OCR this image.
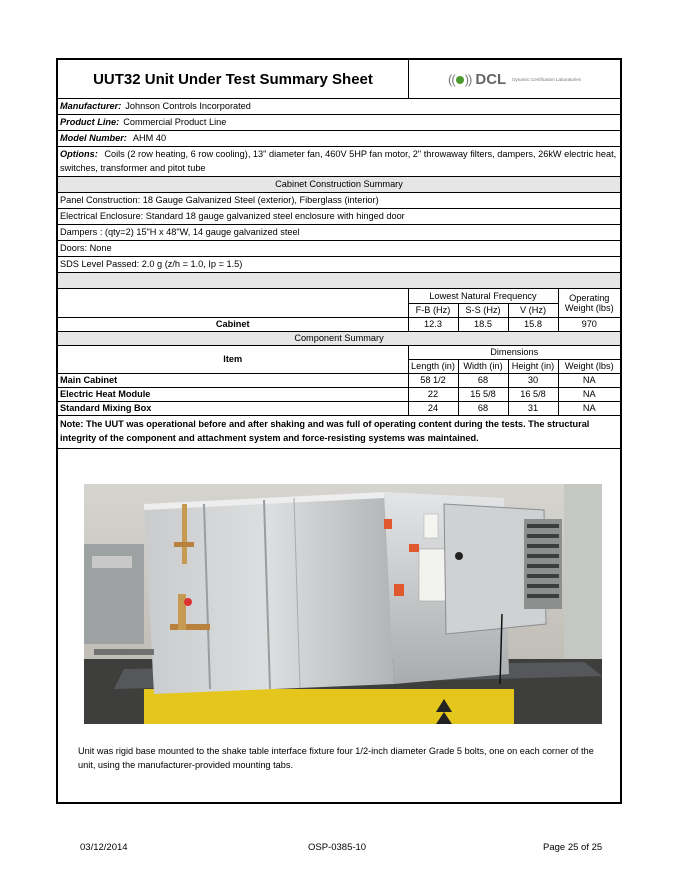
UUT32 Unit Under Test Summary Sheet	(( )) DCL Dynamic Certification Laboratories
Manufacturer: Johnson Controls Incorporated
Product Line: Commercial Product Line
Model Number: AHM 40
Options: Coils (2 row heating, 6 row cooling), 13" diameter fan, 460V 5HP fan motor, 2" throwaway filters, dampers, 26kW electric heat, switches, transformer and pitot tube
Cabinet Construction Summary
Panel Construction: 18 Gauge Galvanized Steel (exterior), Fiberglass (interior)
Electrical Enclosure: Standard 18 gauge galvanized steel enclosure with hinged door
Dampers : (qty=2) 15"H x 48"W, 14 gauge galvanized steel
Doors: None
SDS Level Passed: 2.0 g (z/h = 1.0, Ip = 1.5)
	Lowest Natural Frequency			Operating Weight (lbs)
	F-B (Hz)	S-S (Hz)	V (Hz)	
Cabinet	12.3	18.5	15.8	970
Component Summary				
Item	Dimensions			
	Length (in)	Width (in)	Height (in)	Weight (lbs)
Main Cabinet	58 1/2	68	30	NA
Electric Heat Module	22	15 5/8	16 5/8	NA
Standard Mixing Box	24	68	31	NA
Note: The UUT was operational before and after shaking and was full of operating content during the tests. The structural integrity of the component and attachment system and force-resisting systems was maintained.
Unit was rigid base mounted to the shake table interface fixture four 1/2-inch diameter Grade 5 bolts, one on each corner of the unit, using the manufacturer-provided mounting tabs.
03/12/2014	OSP-0385-10	Page 25 of 25
